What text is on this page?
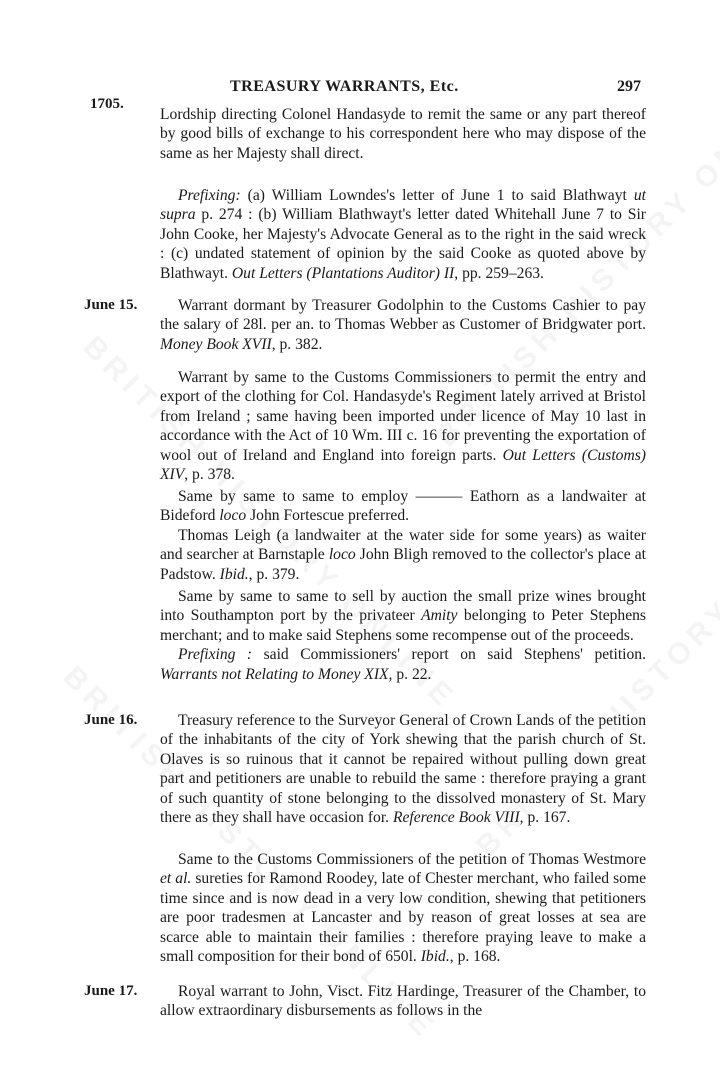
TREASURY WARRANTS, Etc.	297
1705.

Lordship directing Colonel Handasyde to remit the same or any part thereof by good bills of exchange to his correspondent here who may dispose of the same as her Majesty shall direct.

Prefixing: (a) William Lowndes's letter of June 1 to said Blathwayt ut supra p. 274 : (b) William Blathwayt's letter dated Whitehall June 7 to Sir John Cooke, her Majesty's Advocate General as to the right in the said wreck : (c) undated statement of opinion by the said Cooke as quoted above by Blathwayt. Out Letters (Plantations Auditor) II, pp. 259–263.

June 15.	Warrant dormant by Treasurer Godolphin to the Customs Cashier to pay the salary of 28l. per an. to Thomas Webber as Customer of Bridgwater port. Money Book XVII, p. 382.

Warrant by same to the Customs Commissioners to permit the entry and export of the clothing for Col. Handasyde's Regiment lately arrived at Bristol from Ireland ; same having been imported under licence of May 10 last in accordance with the Act of 10 Wm. III c. 16 for preventing the exportation of wool out of Ireland and England into foreign parts. Out Letters (Customs) XIV, p. 378.

Same by same to same to employ ——— Eathorn as a landwaiter at Bideford loco John Fortescue preferred.

Thomas Leigh (a landwaiter at the water side for some years) as waiter and searcher at Barnstaple loco John Bligh removed to the collector's place at Padstow. Ibid., p. 379.

Same by same to same to sell by auction the small prize wines brought into Southampton port by the privateer Amity belonging to Peter Stephens merchant; and to make said Stephens some recompense out of the proceeds.

Prefixing : said Commissioners' report on said Stephens' petition. Warrants not Relating to Money XIX, p. 22.

June 16.	Treasury reference to the Surveyor General of Crown Lands of the petition of the inhabitants of the city of York shewing that the parish church of St. Olaves is so ruinous that it cannot be repaired without pulling down great part and petitioners are unable to rebuild the same : therefore praying a grant of such quantity of stone belonging to the dissolved monastery of St. Mary there as they shall have occasion for. Reference Book VIII, p. 167.

Same to the Customs Commissioners of the petition of Thomas Westmore et al. sureties for Ramond Roodey, late of Chester merchant, who failed some time since and is now dead in a very low condition, shewing that petitioners are poor tradesmen at Lancaster and by reason of great losses at sea are scarce able to maintain their families : therefore praying leave to make a small composition for their bond of 650l. Ibid., p. 168.

June 17.	Royal warrant to John, Visct. Fitz Hardinge, Treasurer of the Chamber, to allow extraordinary disbursements as follows in the
